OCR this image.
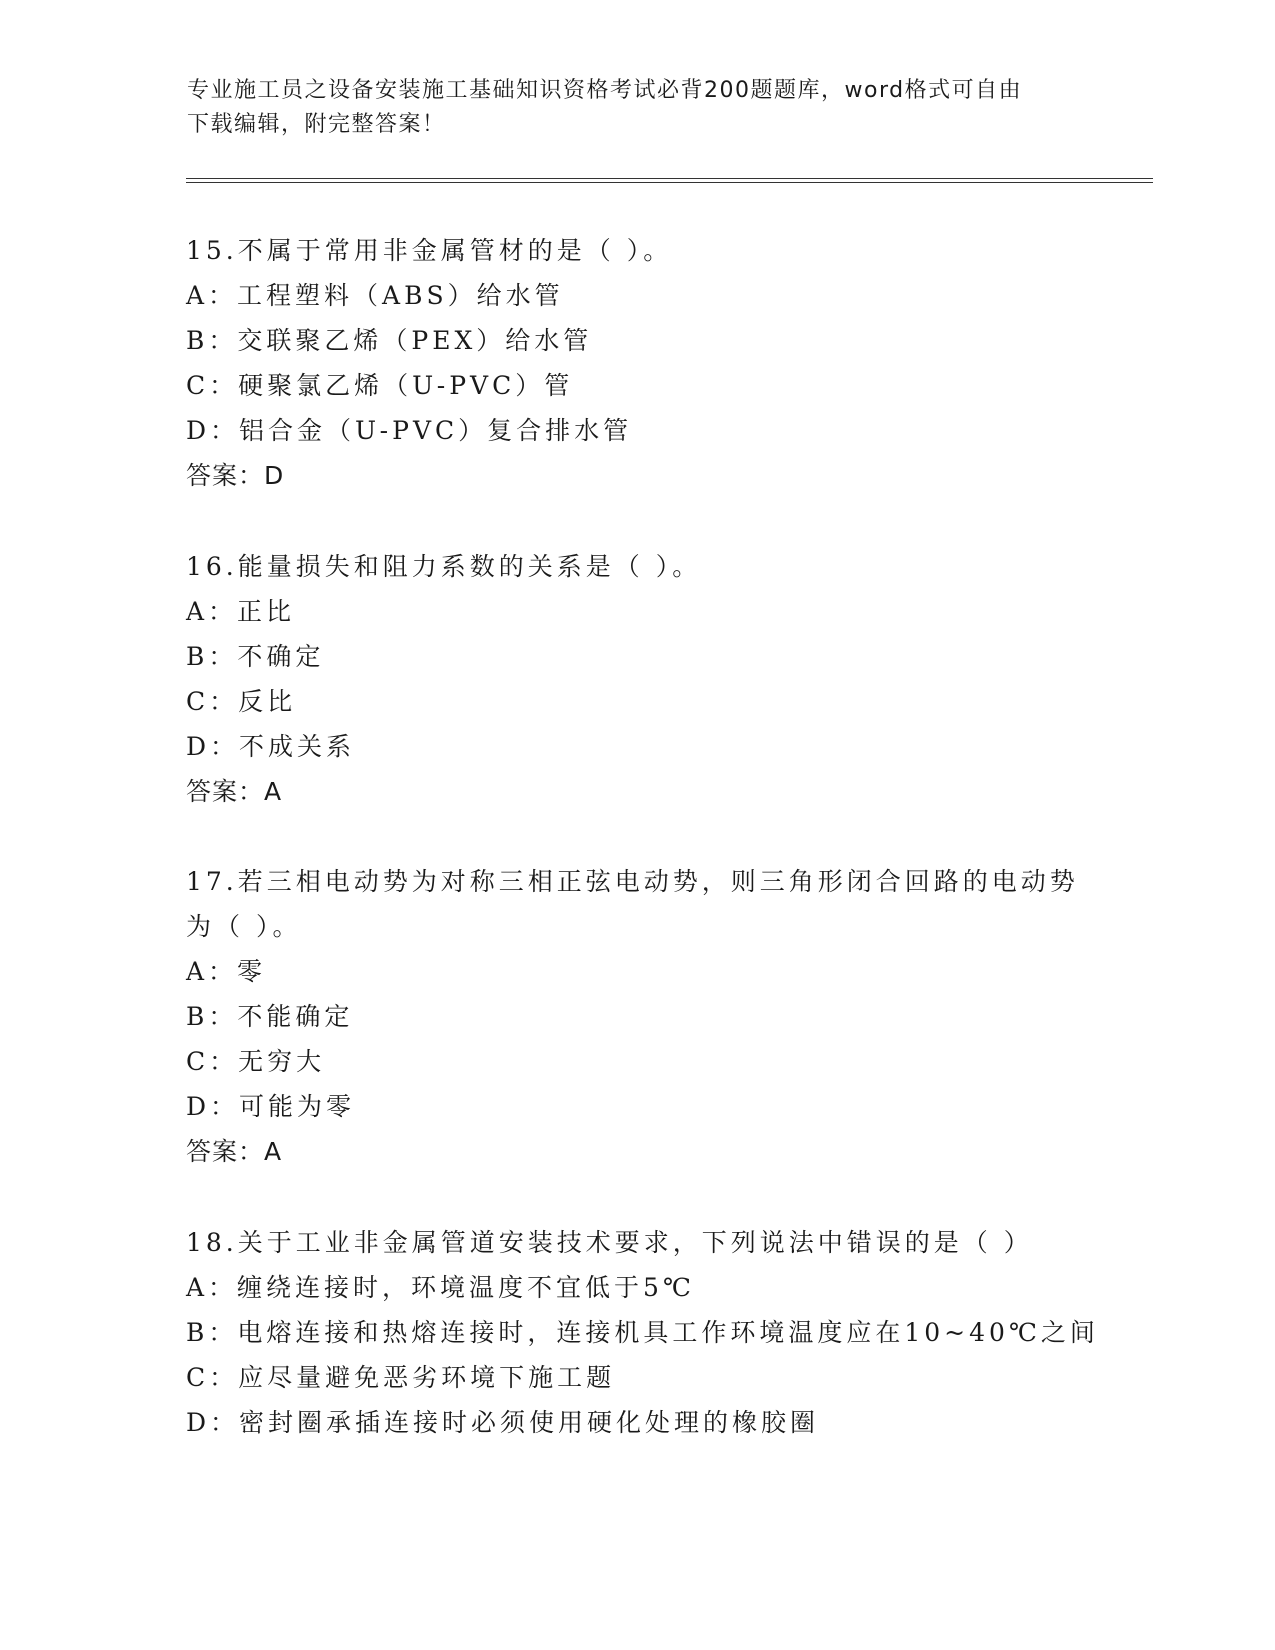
专业施工员之设备安装施工基础知识资格考试必背200题题库，word格式可自由
下载编辑，附完整答案！
15.不属于常用非金属管材的是（ ）。
A：工程塑料（ABS）给水管
B：交联聚乙烯（PEX）给水管
C：硬聚氯乙烯（U-PVC）管
D：铝合金（U-PVC）复合排水管
答案：D
16.能量损失和阻力系数的关系是（ ）。
A：正比
B：不确定
C：反比
D：不成关系
答案：A
17.若三相电动势为对称三相正弦电动势，则三角形闭合回路的电动势
为（ ）。
A：零
B：不能确定
C：无穷大
D：可能为零
答案：A
18.关于工业非金属管道安装技术要求，下列说法中错误的是（ ）
A：缠绕连接时，环境温度不宜低于5℃
B：电熔连接和热熔连接时，连接机具工作环境温度应在10~40℃之间
C：应尽量避免恶劣环境下施工题
D：密封圈承插连接时必须使用硬化处理的橡胶圈
